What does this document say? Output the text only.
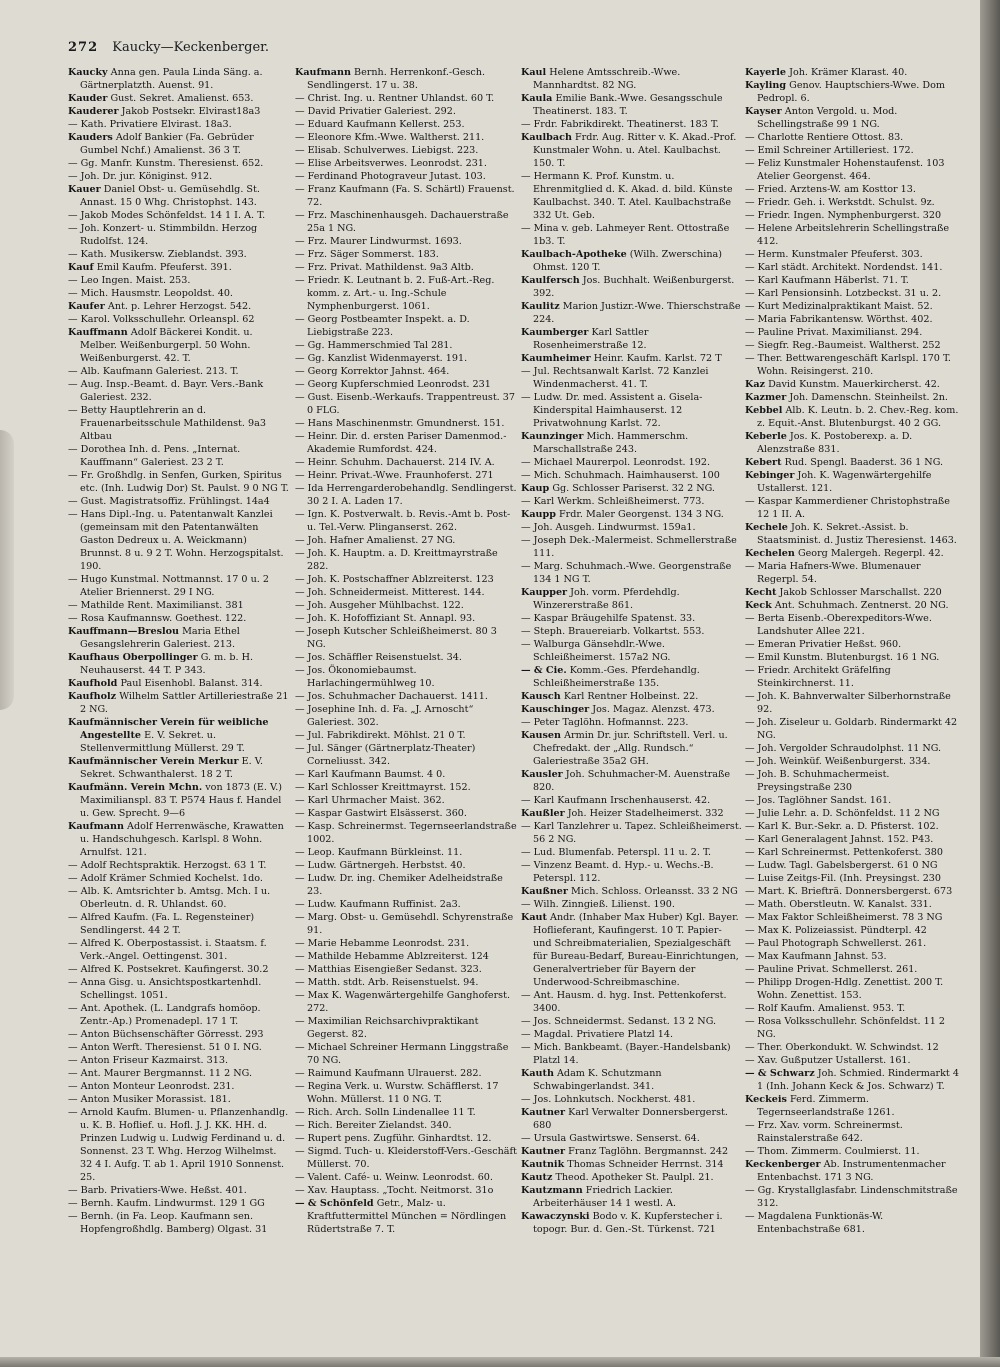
272 Kaucky—Keckenberger.

Kaucky Anna gen. Paula Linda Säng. a. Gärtnerplatzth. Auenst. 91.

Kauder Gust. Sekret. Amalienst. 653.

Kauderer Jakob Postsekr. Elvirast18a3

— Kath. Privatiere Elvirast. 18a3.

Kauders Adolf Bankier (Fa. Gebrüder Gumbel Nchf.) Amalienst. 36 3 T.

— Gg. Manfr. Kunstm. Theresienst. 652.

— Joh. Dr. jur. Königinst. 912.

Kauer Daniel Obst- u. Gemüsehdlg. St. Annast. 15 0 Whg. Christophst. 143.

— Jakob Modes Schönfeldst. 14 1 I. A. T.

— Joh. Konzert- u. Stimmbildn. Herzog Rudolfst. 124.

— Kath. Musikersw. Zieblandst. 393.

Kauf Emil Kaufm. Pfeuferst. 391.

— Leo Ingen. Maist. 253.

— Mich. Hausmstr. Leopoldst. 40.

Kaufer Ant. p. Lehrer Herzogst. 542.

— Karol. Volksschullehr. Orleanspl. 62

Kauffmann Adolf Bäckerei Kondit. u. Melber. Weißenburgerpl. 50 Wohn. Weißenburgerst. 42. T.

— Alb. Kaufmann Galeriest. 213. T.

— Aug. Insp.-Beamt. d. Bayr. Vers.-Bank Galeriest. 232.

— Betty Hauptlehrerin an d. Frauenarbeitsschule Mathildenst. 9a3 Altbau

— Dorothea Inh. d. Pens. „Internat. Kauffmann“ Galeriest. 23 2 T.

— Fr. Großhdlg. in Senfen, Gurken, Spiritus etc. (Inh. Ludwig Dor) St. Paulst. 9 0 NG T.

— Gust. Magistratsoffiz. Frühlingst. 14a4

— Hans Dipl.-Ing. u. Patentanwalt Kanzlei (gemeinsam mit den Patentanwälten Gaston Dedreux u. A. Weickmann) Brunnst. 8 u. 9 2 T. Wohn. Herzogspitalst. 190.

— Hugo Kunstmal. Nottmannst. 17 0 u. 2 Atelier Briennerst. 29 I NG.

— Mathilde Rent. Maximilianst. 381

— Rosa Kaufmannsw. Goethest. 122.

Kauffmann—Breslou Maria Ethel Gesangslehrerin Galeriest. 213.

Kaufhaus Oberpollinger G. m. b. H. Neuhauserst. 44 T. P 343.

Kaufhold Paul Eisenhobl. Balanst. 314.

Kaufholz Wilhelm Sattler Artilleriestraße 21 2 NG.

Kaufmännischer Verein für weibliche Angestellte E. V. Sekret. u. Stellenvermittlung Müllerst. 29 T.

Kaufmännischer Verein Merkur E. V. Sekret. Schwanthalerst. 18 2 T.

Kaufmänn. Verein Mchn. von 1873 (E. V.) Maximilianspl. 83 T. P574 Haus f. Handel u. Gew. Sprecht. 9—6

Kaufmann Adolf Herrenwäsche, Krawatten u. Handschuhgesch. Karlspl. 8 Wohn. Arnulfst. 121.

— Adolf Rechtspraktik. Herzogst. 63 1 T.

— Adolf Krämer Schmied Kochelst. 1do.

— Alb. K. Amtsrichter b. Amtsg. Mch. I u. Oberleutn. d. R. Uhlandst. 60.

— Alfred Kaufm. (Fa. L. Regensteiner) Sendlingerst. 44 2 T.

— Alfred K. Oberpostassist. i. Staatsm. f. Verk.-Angel. Oettingenst. 301.

— Alfred K. Postsekret. Kaufingerst. 30.2

— Anna Gisg. u. Ansichtspostkartenhdl. Schellingst. 1051.

— Ant. Apothek. (L. Landgrafs homöop. Zentr.-Ap.) Promenadepl. 17 1 T.

— Anton Büchsenschäfter Görresst. 293

— Anton Werft. Theresienst. 51 0 I. NG.

— Anton Friseur Kazmairst. 313.

— Ant. Maurer Bergmannst. 11 2 NG.

— Anton Monteur Leonrodst. 231.

— Anton Musiker Morassist. 181.

— Arnold Kaufm. Blumen- u. Pflanzenhandlg. u. K. B. Hoflief. u. Hofl. J. J. KK. HH. d. Prinzen Ludwig u. Ludwig Ferdinand u. d. Sonnenst. 23 T. Whg. Herzog Wilhelmst. 32 4 I. Aufg. T. ab 1. April 1910 Sonnenst. 25.

— Barb. Privatiers-Wwe. Heßst. 401.

— Bernh. Kaufm. Lindwurmst. 129 1 GG

— Bernh. (in Fa. Leop. Kaufmann sen. Hopfengroßhdlg. Bamberg) Olgast. 31

Kaufmann Bernh. Herrenkonf.-Gesch. Sendlingerst. 17 u. 38.

— Christ. Ing. u. Rentner Uhlandst. 60 T.

— David Privatier Galeriest. 292.

— Eduard Kaufmann Kellerst. 253.

— Eleonore Kfm.-Wwe. Waltherst. 211.

— Elisab. Schulverwes. Liebigst. 223.

— Elise Arbeitsverwes. Leonrodst. 231.

— Ferdinand Photograveur Jutast. 103.

— Franz Kaufmann (Fa. S. Schärtl) Frauenst. 72.

— Frz. Maschinenhausgeh. Dachauerstraße 25a 1 NG.

— Frz. Maurer Lindwurmst. 1693.

— Frz. Säger Sommerst. 183.

— Frz. Privat. Mathildenst. 9a3 Altb.

— Friedr. K. Leutnant b. 2. Fuß-Art.-Reg. komm. z. Art.- u. Ing.-Schule Nymphenburgerst. 1061.

— Georg Postbeamter Inspekt. a. D. Liebigstraße 223.

— Gg. Hammerschmied Tal 281.

— Gg. Kanzlist Widenmayerst. 191.

— Georg Korrektor Jahnst. 464.

— Georg Kupferschmied Leonrodst. 231

— Gust. Eisenb.-Werkaufs. Trappentreust. 37 0 FLG.

— Hans Maschinenmstr. Gmundnerst. 151.

— Heinr. Dir. d. ersten Pariser Damenmod.-Akademie Rumfordst. 424.

— Heinr. Schuhm. Dachauerst. 214 IV. A.

— Heinr. Privat.-Wwe. Fraunhoferst. 271

— Ida Herrengarderobehandlg. Sendlingerst. 30 2 I. A. Laden 17.

— Ign. K. Postverwalt. b. Revis.-Amt b. Post- u. Tel.-Verw. Plinganserst. 262.

— Joh. Hafner Amalienst. 27 NG.

— Joh. K. Hauptm. a. D. Kreittmayrstraße 282.

— Joh. K. Postschaffner Ablzreiterst. 123

— Joh. Schneidermeist. Mitterest. 144.

— Joh. Ausgeher Mühlbachst. 122.

— Joh. K. Hofoffiziant St. Annapl. 93.

— Joseph Kutscher Schleißheimerst. 80 3 NG.

— Jos. Schäffler Reisenstuelst. 34.

— Jos. Ökonomiebaumst. Harlachingermühlweg 10.

— Jos. Schuhmacher Dachauerst. 1411.

— Josephine Inh. d. Fa. „J. Arnoscht“ Galeriest. 302.

— Jul. Fabrikdirekt. Möhlst. 21 0 T.

— Jul. Sänger (Gärtnerplatz-Theater) Corneliusst. 342.

— Karl Kaufmann Baumst. 4 0.

— Karl Schlosser Kreittmayrst. 152.

— Karl Uhrmacher Maist. 362.

— Kaspar Gastwirt Elsässerst. 360.

— Kasp. Schreinermst. Tegernseerlandstraße 1002.

— Leop. Kaufmann Bürkleinst. 11.

— Ludw. Gärtnergeh. Herbstst. 40.

— Ludw. Dr. ing. Chemiker Adelheidstraße 23.

— Ludw. Kaufmann Ruffinist. 2a3.

— Marg. Obst- u. Gemüsehdl. Schyrenstraße 91.

— Marie Hebamme Leonrodst. 231.

— Mathilde Hebamme Ablzreiterst. 124

— Matthias Eisengießer Sedanst. 323.

— Matth. stdt. Arb. Reisenstuelst. 94.

— Max K. Wagenwärtergehilfe Ganghoferst. 272.

— Maximilian Reichsarchivpraktikant Gegerst. 82.

— Michael Schreiner Hermann Linggstraße 70 NG.

— Raimund Kaufmann Ulrauerst. 282.

— Regina Verk. u. Wurstw. Schäfflerst. 17 Wohn. Müllerst. 11 0 NG. T.

— Rich. Arch. Solln Lindenallee 11 T.

— Rich. Bereiter Zielandst. 340.

— Rupert pens. Zugführ. Ginhardtst. 12.

— Sigmd. Tuch- u. Kleiderstoff-Vers.-Geschäft Müllerst. 70.

— Valent. Café- u. Weinw. Leonrodst. 60.

— Xav. Hauptass. „Tocht. Neitmorst. 31o

— & Schönfeld Getr., Malz- u. Kraftfuttermittel München = Nördlingen Rüdertstraße 7. T.

Kaul Helene Amtsschreib.-Wwe. Mannhardtst. 82 NG.

Kaula Emilie Bank.-Wwe. Gesangsschule Theatinerst. 183. T.

— Frdr. Fabrikdirekt. Theatinerst. 183 T.

Kaulbach Frdr. Aug. Ritter v. K. Akad.-Prof. Kunstmaler Wohn. u. Atel. Kaulbachst. 150. T.

— Hermann K. Prof. Kunstm. u. Ehrenmitglied d. K. Akad. d. bild. Künste Kaulbachst. 340. T. Atel. Kaulbachstraße 332 Ut. Geb.

— Mina v. geb. Lahmeyer Rent. Ottostraße 1b3. T.

Kaulbach-Apotheke (Wilh. Zwerschina) Ohmst. 120 T.

Kaulfersch Jos. Buchhalt. Weißenburgerst. 392.

Kaulitz Marion Justizr.-Wwe. Thierschstraße 224.

Kaumberger Karl Sattler Rosenheimerstraße 12.

Kaumheimer Heinr. Kaufm. Karlst. 72 T

— Jul. Rechtsanwalt Karlst. 72 Kanzlei Windenmacherst. 41. T.

— Ludw. Dr. med. Assistent a. Gisela-Kinderspital Haimhauserst. 12 Privatwohnung Karlst. 72.

Kaunzinger Mich. Hammerschm. Marschallstraße 243.

— Michael Maurerpol. Leonrodst. 192.

— Mich. Schuhmach. Haimhauserst. 100

Kaup Gg. Schlosser Pariserst. 32 2 NG.

— Karl Werkm. Schleißheimerst. 773.

Kaupp Frdr. Maler Georgenst. 134 3 NG.

— Joh. Ausgeh. Lindwurmst. 159a1.

— Joseph Dek.-Malermeist. Schmellerstraße 111.

— Marg. Schuhmach.-Wwe. Georgenstraße 134 1 NG T.

Kaupper Joh. vorm. Pferdehdlg. Winzererstraße 861.

— Kaspar Bräugehilfe Spatenst. 33.

— Steph. Brauereiarb. Volkartst. 553.

— Walburga Gänsehdlr.-Wwe. Schleißheimerst. 157a2 NG.

— & Cie. Komm.-Ges. Pferdehandlg. Schleißheimerstraße 135.

Kausch Karl Rentner Holbeinst. 22.

Kauschinger Jos. Magaz. Alenzst. 473.

— Peter Taglöhn. Hofmannst. 223.

Kausen Armin Dr. jur. Schriftstell. Verl. u. Chefredakt. der „Allg. Rundsch.“ Galeriestraße 35a2 GH.

Kausler Joh. Schuhmacher-M. Auenstraße 820.

— Karl Kaufmann Irschenhauserst. 42.

Kaußler Joh. Heizer Stadelheimerst. 332

— Karl Tanzlehrer u. Tapez. Schleißheimerst. 56 2 NG.

— Lud. Blumenfab. Peterspl. 11 u. 2. T.

— Vinzenz Beamt. d. Hyp.- u. Wechs.-B. Peterspl. 112.

Kaußner Mich. Schloss. Orleansst. 33 2 NG

— Wilh. Zinngieß. Lilienst. 190.

Kaut Andr. (Inhaber Max Huber) Kgl. Bayer. Hoflieferant, Kaufingerst. 10 T. Papier- und Schreibmaterialien, Spezialgeschäft für Bureau-Bedarf, Bureau-Einrichtungen, Generalvertrieber für Bayern der Underwood-Schreibmaschine.

— Ant. Hausm. d. hyg. Inst. Pettenkoferst. 3400.

— Jos. Schneidermst. Sedanst. 13 2 NG.

— Magdal. Privatiere Platzl 14.

— Mich. Bankbeamt. (Bayer.-Handelsbank) Platzl 14.

Kauth Adam K. Schutzmann Schwabingerlandst. 341.

— Jos. Lohnkutsch. Nockherst. 481.

Kautner Karl Verwalter Donnersbergerst. 680

— Ursula Gastwirtswe. Senserst. 64.

Kautner Franz Taglöhn. Bergmannst. 242

Kautnik Thomas Schneider Herrnst. 314

Kautz Theod. Apotheker St. Paulpl. 21.

Kautzmann Friedrich Lackier. Arbeiterhäuser 14 1 westl. A.

Kawaczynski Bodo v. K. Kupferstecher i. topogr. Bur. d. Gen.-St. Türkenst. 721

Kayerle Joh. Krämer Klarast. 40.

Kayling Genov. Hauptschiers-Wwe. Dom Pedropl. 6.

Kayser Anton Vergold. u. Mod. Schellingstraße 99 1 NG.

— Charlotte Rentiere Ottost. 83.

— Emil Schreiner Artilleriest. 172.

— Feliz Kunstmaler Hohenstaufenst. 103 Atelier Georgenst. 464.

— Fried. Arztens-W. am Kosttor 13.

— Friedr. Geh. i. Werkstdt. Schulst. 9z.

— Friedr. Ingen. Nymphenburgerst. 320

— Helene Arbeitslehrerin Schellingstraße 412.

— Herm. Kunstmaler Pfeuferst. 303.

— Karl städt. Architekt. Nordendst. 141.

— Karl Kaufmann Häberlst. 71. T.

— Karl Pensionsinh. Lotzbeckst. 31 u. 2.

— Kurt Medizinalpraktikant Maist. 52.

— Maria Fabrikantensw. Wörthst. 402.

— Pauline Privat. Maximilianst. 294.

— Siegfr. Reg.-Baumeist. Waltherst. 252

— Ther. Bettwarengeschäft Karlspl. 170 T. Wohn. Reisingerst. 210.

Kaz David Kunstm. Mauerkircherst. 42.

Kazmer Joh. Damenschn. Steinheilst. 2n.

Kebbel Alb. K. Leutn. b. 2. Chev.-Reg. kom. z. Equit.-Anst. Blutenburgst. 40 2 GG.

Keberle Jos. K. Postoberexp. a. D. Alenzstraße 831.

Kebert Rud. Spengl. Baaderst. 36 1 NG.

Kebinger Joh. K. Wagenwärtergehilfe Ustallerst. 121.

— Kaspar Kammerdiener Christophstraße 12 1 II. A.

Kechele Joh. K. Sekret.-Assist. b. Staatsminist. d. Justiz Theresienst. 1463.

Kechelen Georg Malergeh. Regerpl. 42.

— Maria Hafners-Wwe. Blumenauer Regerpl. 54.

Kecht Jakob Schlosser Marschallst. 220

Keck Ant. Schuhmach. Zentnerst. 20 NG.

— Berta Eisenb.-Oberexpeditors-Wwe. Landshuter Allee 221.

— Emeran Privatier Heßst. 960.

— Emil Kunstm. Blutenburgst. 16 1 NG.

— Friedr. Architekt Gräfelfing Steinkirchnerst. 11.

— Joh. K. Bahnverwalter Silberhornstraße 92.

— Joh. Ziseleur u. Goldarb. Rindermarkt 42 NG.

— Joh. Vergolder Schraudolphst. 11 NG.

— Joh. Weinküf. Weißenburgerst. 334.

— Joh. B. Schuhmachermeist. Preysingstraße 230

— Jos. Taglöhner Sandst. 161.

— Julie Lehr. a. D. Schönfeldst. 11 2 NG

— Karl K. Bur.-Sekr. a. D. Pfisterst. 102.

— Karl Generalagent Jahnst. 152. P43.

— Karl Schreinermst. Pettenkoferst. 380

— Ludw. Tagl. Gabelsbergerst. 61 0 NG

— Luise Zeitgs-Fil. (Inh. Preysingst. 230

— Mart. K. Briefträ. Donnersbergerst. 673

— Math. Oberstleutn. W. Kanalst. 331.

— Max Faktor Schleißheimerst. 78 3 NG

— Max K. Polizeiassist. Pündterpl. 42

— Paul Photograph Schwellerst. 261.

— Max Kaufmann Jahnst. 53.

— Pauline Privat. Schmellerst. 261.

— Philipp Drogen-Hdlg. Zenettist. 200 T. Wohn. Zenettist. 153.

— Rolf Kaufm. Amalienst. 953. T.

— Rosa Volksschullehr. Schönfeldst. 11 2 NG.

— Ther. Oberkondukt. W. Schwindst. 12

— Xav. Gußputzer Ustallerst. 161.

— & Schwarz Joh. Schmied. Rindermarkt 4 1 (Inh. Johann Keck & Jos. Schwarz) T.

Keckeis Ferd. Zimmerm. Tegernseerlandstraße 1261.

— Frz. Xav. vorm. Schreinermst. Rainstalerstraße 642.

— Thom. Zimmerm. Coulmierst. 11.

Keckenberger Ab. Instrumentenmacher Entenbachst. 171 3 NG.

— Gg. Krystallglasfabr. Lindenschmitstraße 312.

— Magdalena Funktionäs-W. Entenbachstraße 681.
